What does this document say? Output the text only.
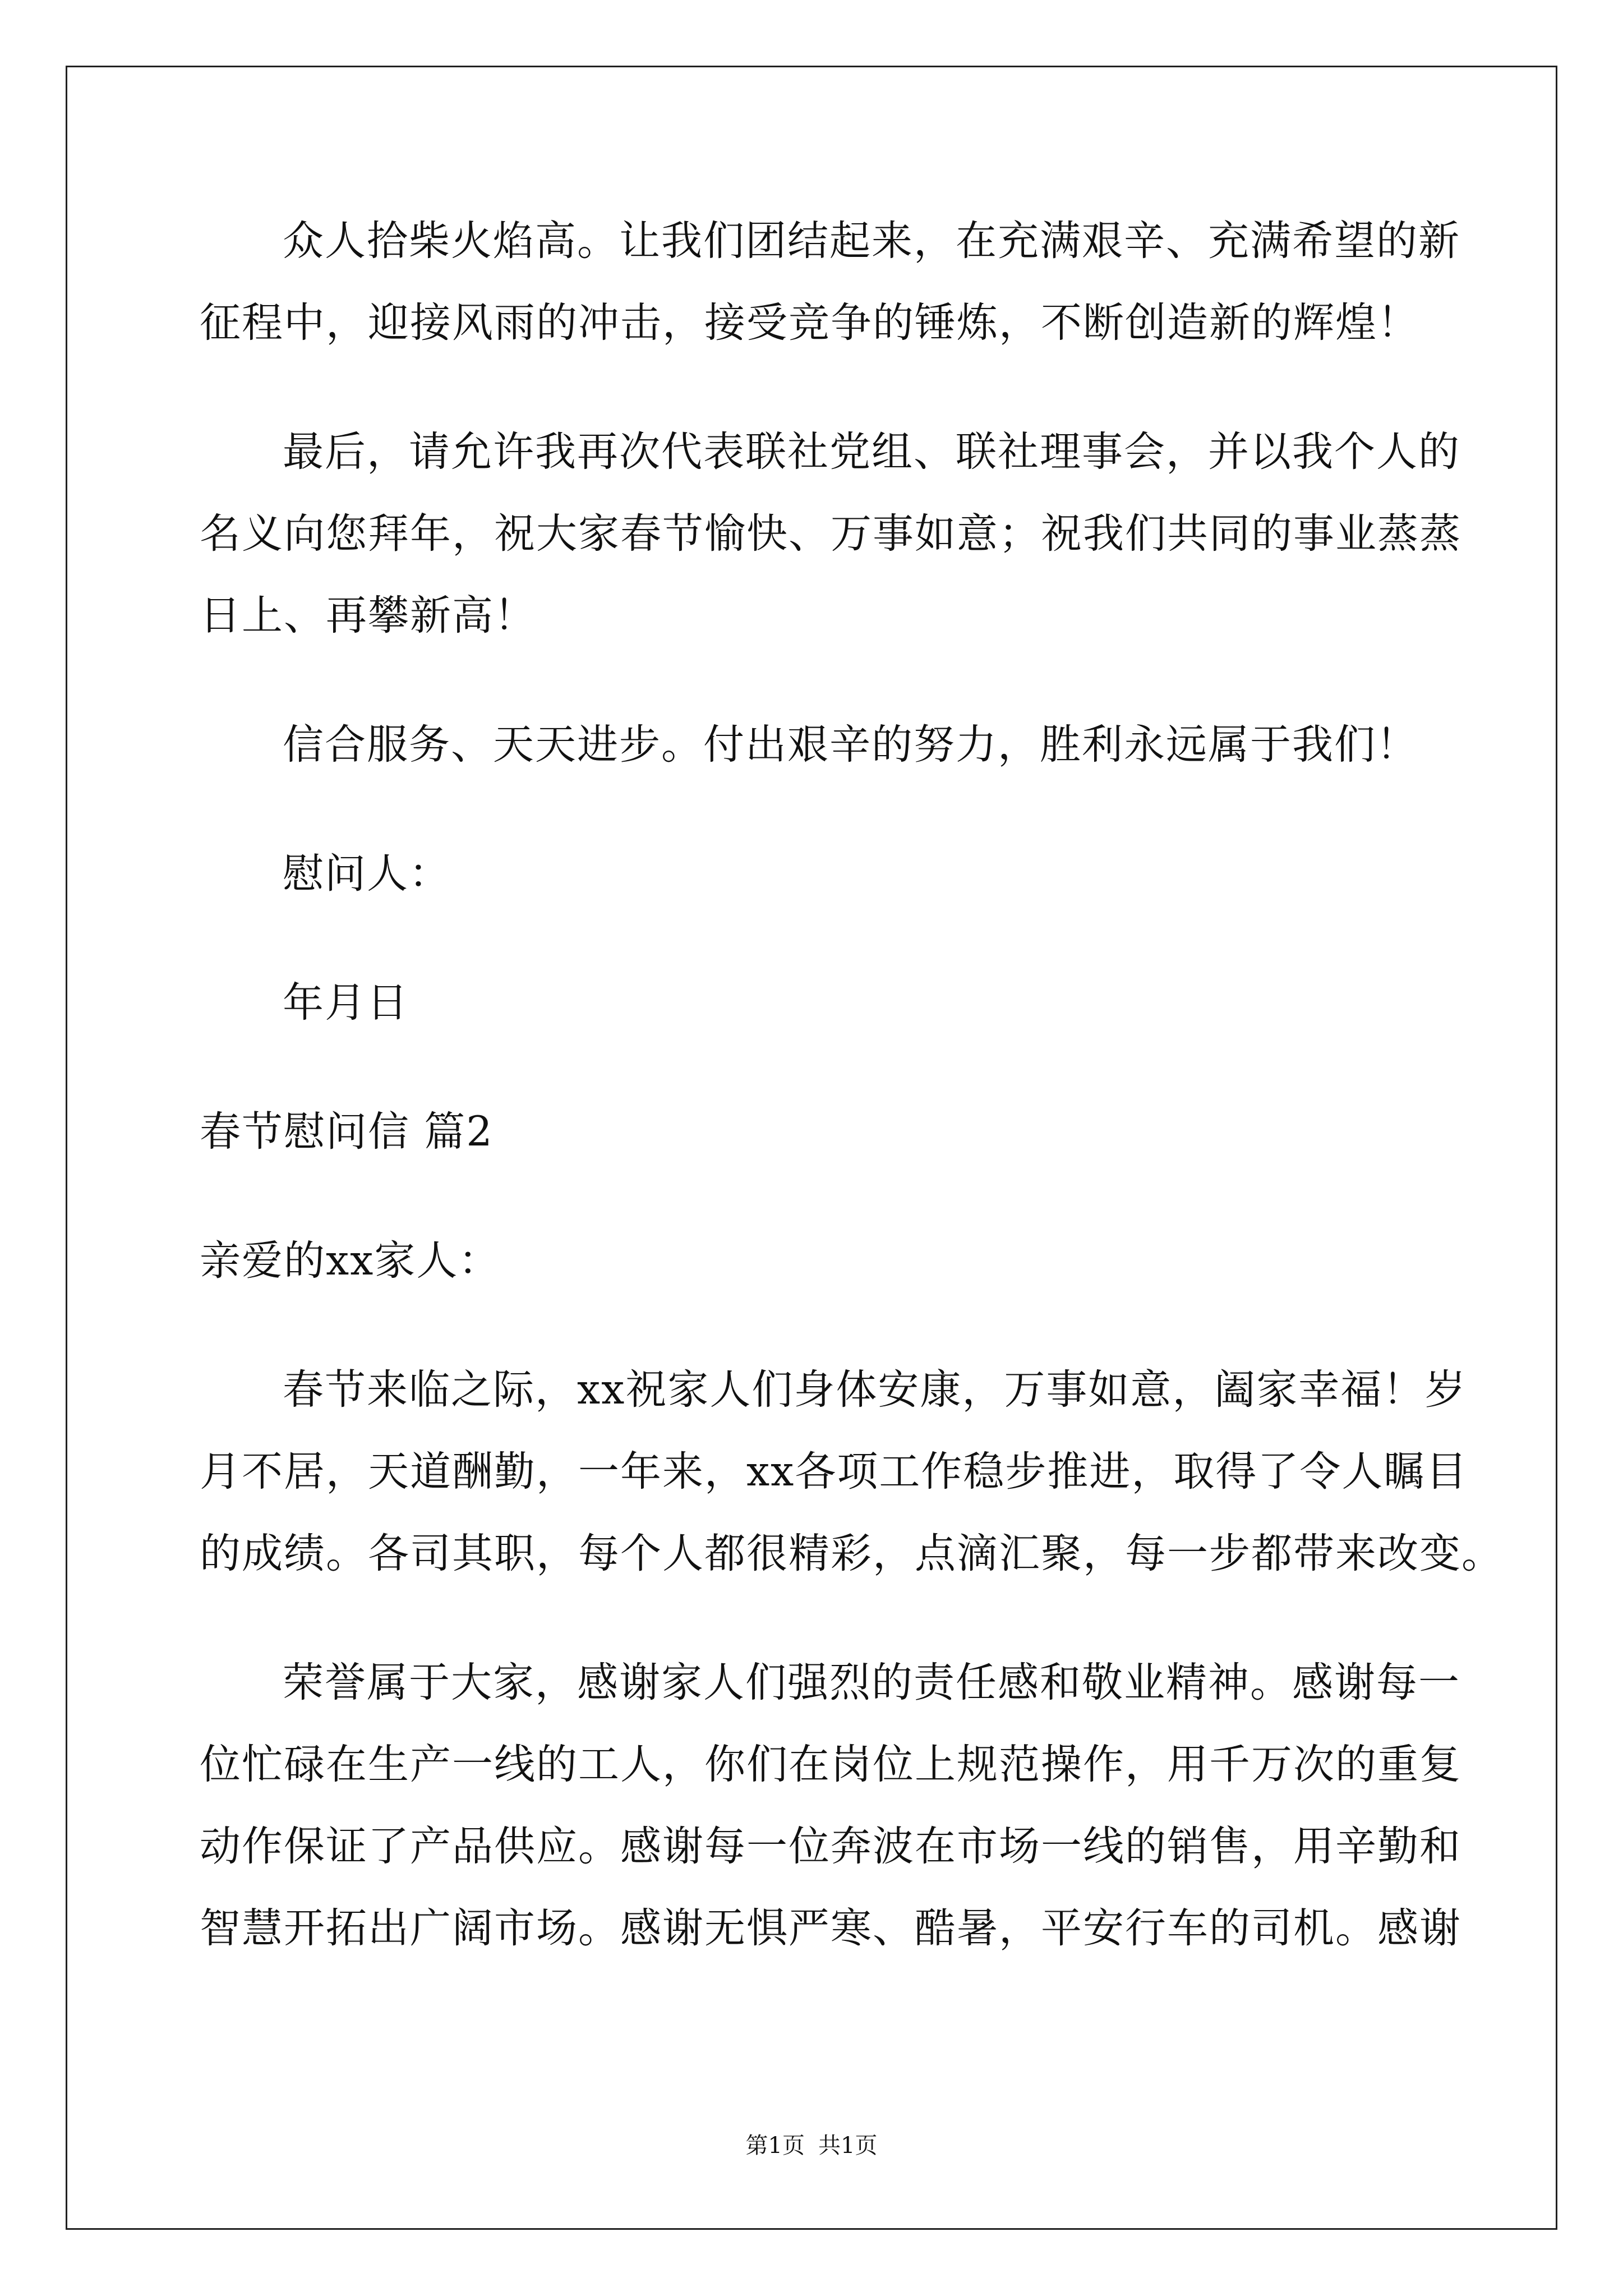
众人拾柴火焰高。让我们团结起来，在充满艰辛、充满希望的新
征程中，迎接风雨的冲击，接受竞争的锤炼，不断创造新的辉煌！
最后，请允许我再次代表联社党组、联社理事会，并以我个人的
名义向您拜年，祝大家春节愉快、万事如意；祝我们共同的事业蒸蒸
日上、再攀新高！
信合服务、天天进步。付出艰辛的努力，胜利永远属于我们！
慰问人：
年月日
春节慰问信 篇2
亲爱的xx家人：
春节来临之际，xx祝家人们身体安康，万事如意，阖家幸福！岁
月不居，天道酬勤，一年来，xx各项工作稳步推进，取得了令人瞩目
的成绩。各司其职，每个人都很精彩，点滴汇聚，每一步都带来改变。
荣誉属于大家，感谢家人们强烈的责任感和敬业精神。感谢每一
位忙碌在生产一线的工人，你们在岗位上规范操作，用千万次的重复
动作保证了产品供应。感谢每一位奔波在市场一线的销售，用辛勤和
智慧开拓出广阔市场。感谢无惧严寒、酷暑，平安行车的司机。感谢
第1页 共1页
